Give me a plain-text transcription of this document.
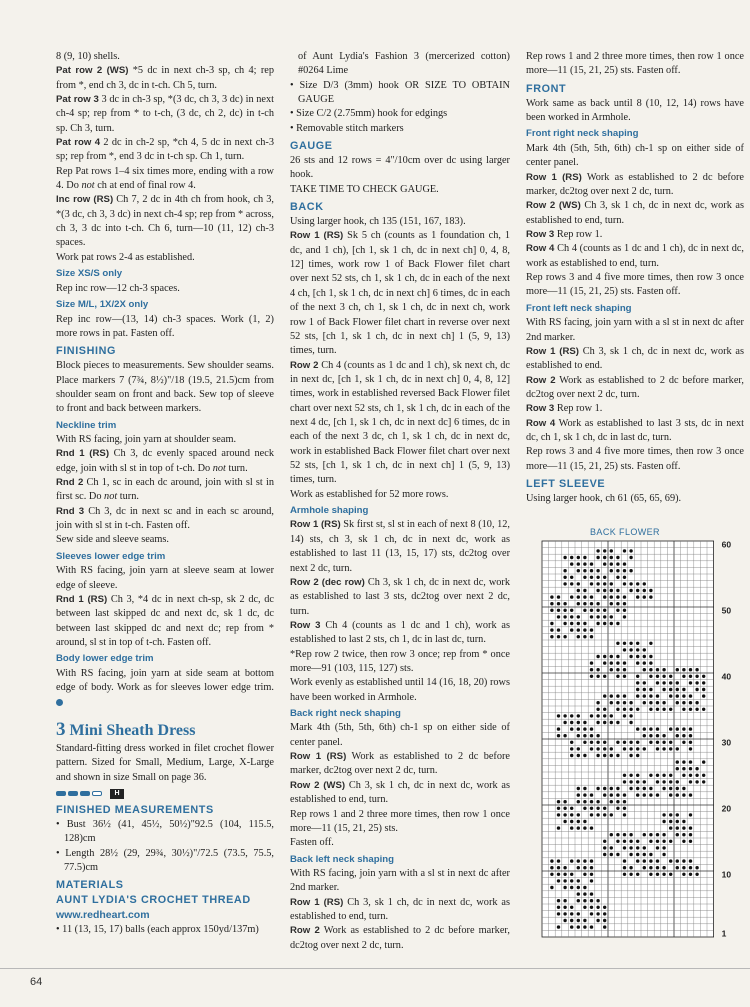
8 (9, 10) shells.

Pat row 2 (WS) *5 dc in next ch-3 sp, ch 4; rep from *, end ch 3, dc in t-ch. Ch 5, turn.

Pat row 3 3 dc in ch-3 sp, *(3 dc, ch 3, 3 dc) in next ch-4 sp; rep from * to t-ch, (3 dc, ch 2, dc) in t-ch sp. Ch 3, turn.

Pat row 4 2 dc in ch-2 sp, *ch 4, 5 dc in next ch-3 sp; rep from *, end 3 dc in t-ch sp. Ch 1, turn.

Rep Pat rows 1–4 six times more, ending with a row 4. Do not ch at end of final row 4.

Inc row (RS) Ch 7, 2 dc in 4th ch from hook, ch 3, *(3 dc, ch 3, 3 dc) in next ch-4 sp; rep from * across, ch 3, 3 dc into t-ch. Ch 6, turn—10 (11, 12) ch-3 spaces.

Work pat rows 2-4 as established.

Size XS/S only

Rep inc row—12 ch-3 spaces.

Size M/L, 1X/2X only

Rep inc row—(13, 14) ch-3 spaces. Work (1, 2) more rows in pat. Fasten off.

FINISHING

Block pieces to measurements. Sew shoulder seams. Place markers 7 (7¾, 8½)"/18 (19.5, 21.5)cm from shoulder seam on front and back. Sew top of sleeve to front and back between markers.

Neckline trim

With RS facing, join yarn at shoulder seam.

Rnd 1 (RS) Ch 3, dc evenly spaced around neck edge, join with sl st in top of t-ch. Do not turn.

Rnd 2 Ch 1, sc in each dc around, join with sl st in first sc. Do not turn.

Rnd 3 Ch 3, dc in next sc and in each sc around, join with sl st in t-ch. Fasten off.

Sew side and sleeve seams.

Sleeves lower edge trim

With RS facing, join yarn at sleeve seam at lower edge of sleeve.

Rnd 1 (RS) Ch 3, *4 dc in next ch-sp, sk 2 dc, dc between last skipped dc and next dc, sk 1 dc, dc between last skipped dc and next dc; rep from * around, sl st in top of t-ch. Fasten off.

Body lower edge trim

With RS facing, join yarn at side seam at bottom edge of body. Work as for sleeves lower edge trim.

3 Mini Sheath Dress

Standard-fitting dress worked in filet crochet flower pattern. Sized for Small, Medium, Large, X-Large and shown in size Small on page 36.

H
FINISHED MEASUREMENTS

• Bust 36½ (41, 45½, 50½)"92.5 (104, 115.5, 128)cm

• Length 28½ (29, 29¾, 30½)"/72.5 (73.5, 75.5, 77.5)cm

MATERIALS
AUNT LYDIA'S CROCHET THREAD
www.redheart.com

• 11 (13, 15, 17) balls (each approx 150yd/137m)

of Aunt Lydia's Fashion 3 (mercerized cotton) #0264 Lime

• Size D/3 (3mm) hook OR SIZE TO OBTAIN GAUGE

• Size C/2 (2.75mm) hook for edgings

• Removable stitch markers

GAUGE

26 sts and 12 rows = 4"/10cm over dc using larger hook.

TAKE TIME TO CHECK GAUGE.

BACK

Using larger hook, ch 135 (151, 167, 183).

Row 1 (RS) Sk 5 ch (counts as 1 foundation ch, 1 dc, and 1 ch), [ch 1, sk 1 ch, dc in next ch] 0, 4, 8, 12] times, work row 1 of Back Flower filet chart over next 52 sts, ch 1, sk 1 ch, dc in each of the next 4 ch, [ch 1, sk 1 ch, dc in next ch] 6 times, dc in each of the next 3 ch, ch 1, sk 1 ch, dc in next ch, work row 1 of Back Flower filet chart in reverse over next 52 sts, [ch 1, sk 1 ch, dc in next ch] 1 (5, 9, 13) times, turn.

Row 2 Ch 4 (counts as 1 dc and 1 ch), sk next ch, dc in next dc, [ch 1, sk 1 ch, dc in next ch] 0, 4, 8, 12] times, work in established reversed Back Flower filet chart over next 52 sts, ch 1, sk 1 ch, dc in each of the next 4 dc, [ch 1, sk 1 ch, dc in next dc] 6 times, dc in each of the next 3 dc, ch 1, sk 1 ch, dc in next dc, work in established Back Flower filet chart over next 52 sts, [ch 1, sk 1 ch, dc in next ch] 1 (5, 9, 13) times, turn.

Work as established for 52 more rows.

Armhole shaping

Row 1 (RS) Sk first st, sl st in each of next 8 (10, 12, 14) sts, ch 3, sk 1 ch, dc in next dc, work as established to last 11 (13, 15, 17) sts, dc2tog over next 2 dc, turn.

Row 2 (dec row) Ch 3, sk 1 ch, dc in next dc, work as established to last 3 sts, dc2tog over next 2 dc, turn.

Row 3 Ch 4 (counts as 1 dc and 1 ch), work as established to last 2 sts, ch 1, dc in last dc, turn.

*Rep row 2 twice, then row 3 once; rep from * once more—91 (103, 115, 127) sts.

Work evenly as established until 14 (16, 18, 20) rows have been worked in Armhole.

Back right neck shaping

Mark 4th (5th, 5th, 6th) ch-1 sp on either side of center panel.

Row 1 (RS) Work as established to 2 dc before marker, dc2tog over next 2 dc, turn.

Row 2 (WS) Ch 3, sk 1 ch, dc in next dc, work as established to end, turn.

Rep rows 1 and 2 three more times, then row 1 once more—11 (15, 21, 25) sts.

Fasten off.

Back left neck shaping

With RS facing, join yarn with a sl st in next dc after 2nd marker.

Row 1 (RS) Ch 3, sk 1 ch, dc in next dc, work as established to end, turn.

Row 2 Work as established to 2 dc before marker, dc2tog over next 2 dc, turn.

Rep rows 1 and 2 three more times, then row 1 once more—11 (15, 21, 25) sts. Fasten off.

FRONT

Work same as back until 8 (10, 12, 14) rows have been worked in Armhole.

Front right neck shaping

Mark 4th (5th, 5th, 6th) ch-1 sp on either side of center panel.

Row 1 (RS) Work as established to 2 dc before marker, dc2tog over next 2 dc, turn.

Row 2 (WS) Ch 3, sk 1 ch, dc in next dc, work as established to end, turn.

Row 3 Rep row 1.

Row 4 Ch 4 (counts as 1 dc and 1 ch), dc in next dc, work as established to end, turn.

Rep rows 3 and 4 five more times, then row 3 once more—11 (15, 21, 25) sts. Fasten off.

Front left neck shaping

With RS facing, join yarn with a sl st in next dc after 2nd marker.

Row 1 (RS) Ch 3, sk 1 ch, dc in next dc, work as established to end.

Row 2 Work as established to 2 dc before marker, dc2tog over next 2 dc, turn.

Row 3 Rep row 1.

Row 4 Work as established to last 3 sts, dc in next dc, ch 1, sk 1 ch, dc in last dc, turn.

Rep rows 3 and 4 five more times, then row 3 once more—11 (15, 21, 25) sts. Fasten off.

LEFT SLEEVE

Using larger hook, ch 61 (65, 65, 69).

BACK FLOWER
1
10
20
30
40
50
60
64
